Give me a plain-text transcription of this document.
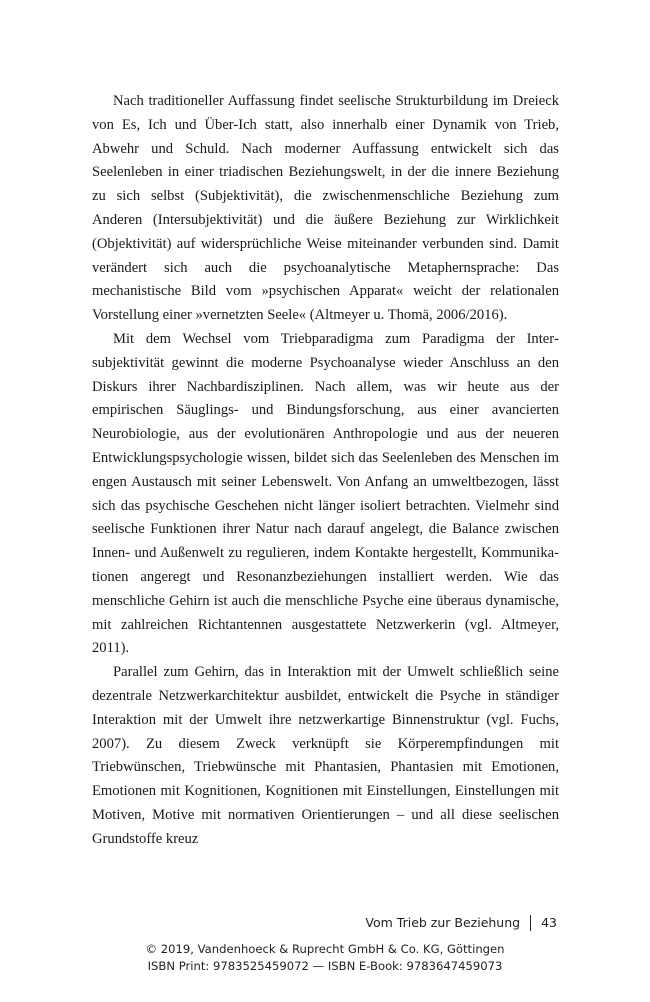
Nach traditioneller Auffassung findet seelische Strukturbildung im Dreieck von Es, Ich und Über-Ich statt, also innerhalb einer Dynamik von Trieb, Abwehr und Schuld. Nach moderner Auffassung entwickelt sich das Seelenleben in einer triadischen Beziehungswelt, in der die innere Beziehung zu sich selbst (Subjektivität), die zwischenmenschliche Beziehung zum Anderen (Intersubjektivität) und die äußere Beziehung zur Wirklichkeit (Objektivität) auf widersprüchliche Weise miteinander verbunden sind. Damit verändert sich auch die psychoanalytische Metaphernsprache: Das mechanistische Bild vom »psychischen Apparat« weicht der relationalen Vorstellung einer »vernetzten Seele« (Altmeyer u. Thomä, 2006/2016).

Mit dem Wechsel vom Triebparadigma zum Paradigma der Intersubjektivität gewinnt die moderne Psychoanalyse wieder Anschluss an den Diskurs ihrer Nachbardisziplinen. Nach allem, was wir heute aus der empirischen Säuglings- und Bindungsforschung, aus einer avancierten Neurobiologie, aus der evolutionären Anthropologie und aus der neueren Entwicklungspsychologie wissen, bildet sich das Seelenleben des Menschen im engen Austausch mit seiner Lebenswelt. Von Anfang an umweltbezogen, lässt sich das psychische Geschehen nicht länger isoliert betrachten. Vielmehr sind seelische Funktionen ihrer Natur nach darauf angelegt, die Balance zwischen Innen- und Außenwelt zu regulieren, indem Kontakte hergestellt, Kommunikationen angeregt und Resonanzbeziehungen installiert werden. Wie das menschliche Gehirn ist auch die menschliche Psyche eine überaus dynamische, mit zahlreichen Richtantennen ausgestattete Netzwerkerin (vgl. Altmeyer, 2011).

Parallel zum Gehirn, das in Interaktion mit der Umwelt schließlich seine dezentrale Netzwerkarchitektur ausbildet, entwickelt die Psyche in ständiger Interaktion mit der Umwelt ihre netzwerkartige Binnenstruktur (vgl. Fuchs, 2007). Zu diesem Zweck verknüpft sie Körperempfindungen mit Triebwünschen, Triebwünsche mit Phantasien, Phantasien mit Emotionen, Emotionen mit Kognitionen, Kognitionen mit Einstellungen, Einstellungen mit Motiven, Motive mit normativen Orientierungen – und all diese seelischen Grundstoffe kreuz

Vom Trieb zur Beziehung 43
© 2019, Vandenhoeck & Ruprecht GmbH & Co. KG, Göttingen
ISBN Print: 9783525459072 — ISBN E-Book: 9783647459073
